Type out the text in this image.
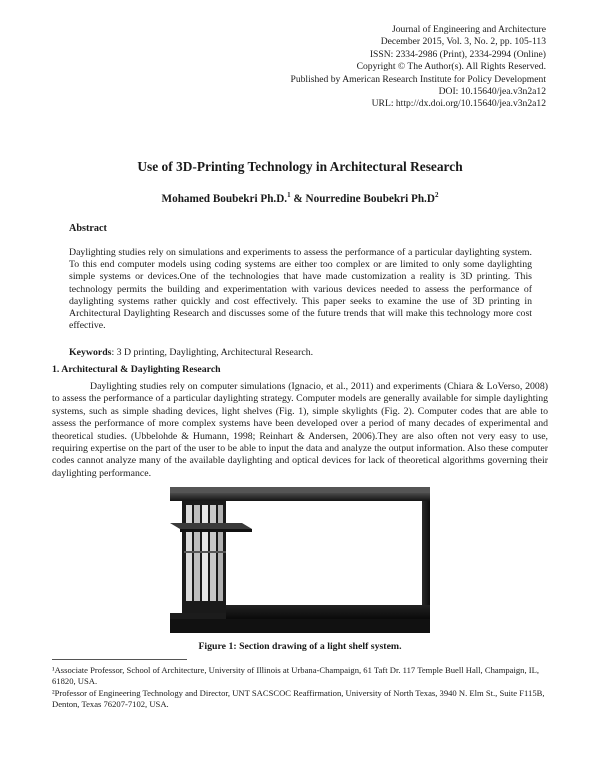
Journal of Engineering and Architecture
December 2015, Vol. 3, No. 2, pp. 105-113
ISSN: 2334-2986 (Print), 2334-2994 (Online)
Copyright © The Author(s). All Rights Reserved.
Published by American Research Institute for Policy Development
DOI: 10.15640/jea.v3n2a12
URL: http://dx.doi.org/10.15640/jea.v3n2a12
Use of 3D-Printing Technology in Architectural Research
Mohamed Boubekri Ph.D.$^1$ & Nourredine Boubekri $Ph.D^2$
Abstract
Daylighting studies rely on simulations and experiments to assess the performance of a particular daylighting system. To this end computer models using coding systems are either too complex or are limited to only some daylighting simple systems or devices.One of the technologies that have made customization a reality is 3D printing. This technology permits the building and experimentation with various devices needed to assess the performance of daylighting systems rather quickly and cost effectively. This paper seeks to examine the use of 3D printing in Architectural Daylighting Research and discusses some of the future trends that will make this technology more cost effective.
Keywords: 3 D printing, Daylighting, Architectural Research.
1. Architectural & Daylighting Research
Daylighting studies rely on computer simulations (Ignacio, et al., 2011) and experiments (Chiara & LoVerso, 2008) to assess the performance of a particular daylighting strategy. Computer models are generally available for simple daylighting systems, such as simple shading devices, light shelves (Fig. 1), simple skylights (Fig. 2). Computer codes that are able to assess the performance of more complex systems have been developed over a period of many decades of experimental and theoretical studies. (Ubbelohde & Humann, 1998; Reinhart & Andersen, 2006).They are also often not very easy to use, requiring expertise on the part of the user to be able to input the data and analyze the output information. Also these computer codes cannot analyze many of the available daylighting and optical devices for lack of theoretical algorithms governing their daylighting performance.
Figure 1: Section drawing of a light shelf system.
¹Associate Professor, School of Architecture, University of Illinois at Urbana-Champaign, 61 Taft Dr. 117 Temple Buell Hall, Champaign, IL, 61820, USA.
²Professor of Engineering Technology and Director, UNT SACSCOC Reaffirmation, University of North Texas, 3940 N. Elm St., Suite F115B, Denton, Texas 76207-7102, USA.
